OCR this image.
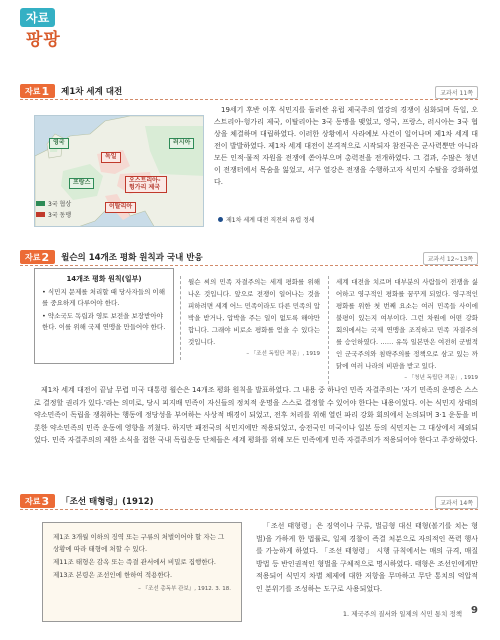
자료
팡팡
자료 1 제1차 세계 대전	교과서 11쪽
영국
프랑스
독일
러시아
오스트리아-헝가리 제국
이탈리아
3국 협상
3국 동맹
제1차 세계 대전 직전의 유럽 정세

19세기 후반 이후 식민지를 둘러싼 유럽 제국주의 열강의 경쟁이 심화되며 독일, 오스트리아-헝가리 제국, 이탈리아는 3국 동맹을 맺었고, 영국, 프랑스, 러시아는 3국 협상을 체결하며 대립하였다. 이러한 상황에서 사라예보 사건이 일어나며 제1차 세계 대전이 발발하였다. 제1차 세계 대전이 본격적으로 시작되자 참전국은 군사력뿐만 아니라 모든 인적·물적 자원을 전쟁에 쏟아부으며 총력전을 전개하였다. 그 결과, 수많은 청년이 전쟁터에서 목숨을 잃었고, 서구 열강은 전쟁을 수행하고자 식민지 수탈을 강화하였다.

자료 2 윌슨의 14개조 평화 원칙과 국내 반응	교과서 12~13쪽
14개조 평화 원칙(일부)
• 식민지 문제를 처리할 때 당사자들의 이해를 중요하게 다루어야 한다.
• 약소국도 독립과 영토 보전을 보장받아야 한다. 이를 위해 국제 연맹을 만들어야 한다.
윌슨 씨의 민족 자결주의는 세계 평화를 위해 나온 것입니다. 앞으로 전쟁이 일어나는 것을 피하려면 세계 어느 민족이라도 다른 민족의 압박을 받거나, 압박을 주는 일이 없도록 해야만 합니다. 그래야 비로소 평화를 얻을 수 있다는 것입니다.
– 「조선 독립단 격문」, 1919
세계 대전을 치르며 대부분의 사람들이 전쟁을 싫어하고 영구적인 평화를 꿈꾸게 되었다. 영구적인 평화를 위한 첫 번째 요소는 여러 민족들 사이에 불평이 있는지 여부이다. 그런 차원에 어떤 강화 회의에서는 국제 연맹을 조직하고 민족 자결주의를 승인하였다. …… 유독 일본만은 여전히 군벌적인 군국주의와 침략주의를 정책으로 삼고 있는 까닭에 여러 나라의 비판을 받고 있다.
– 「청년 독립단 격문」, 1919

제1차 세계 대전이 끝날 무렵 미국 대통령 윌슨은 14개조 평화 원칙을 발표하였다. 그 내용 중 하나인 민족 자결주의는 '자기 민족의 운명은 스스로 결정할 권리가 있다.'라는 의미로, 당시 피지배 민족이 자신들의 정치적 운명을 스스로 결정할 수 있어야 한다는 내용이었다. 이는 식민지 상태의 약소민족이 독립을 쟁취하는 행동에 정당성을 부여하는 사상적 배경이 되었고, 전후 처리를 위해 열린 파리 강화 회의에서 논의되며 3·1 운동을 비롯한 약소민족의 민족 운동에 영향을 끼쳤다. 하지만 패전국의 식민지에만 적용되었고, 승전국인 미국이나 일본 등의 식민지는 그 대상에서 제외되었다. 민족 자결주의의 제한 소식을 접한 국내 독립운동 단체들은 세계 평화를 위해 모든 민족에게 민족 자결주의가 적용되어야 한다고 주장하였다.

자료 3 「조선 태형령」(1912)	교과서 14쪽

제1조 3개월 이하의 징역 또는 구류의 처벌이어야 할 자는 그 상황에 따라 태형에 처할 수 있다.

제11조 태형은 감옥 또는 즉결 관서에서 비밀로 집행한다.

제13조 본령은 조선인에 한하여 적용한다.

– 『조선 총독부 관보』, 1912. 3. 18.

「조선 태형령」은 징역이나 구류, 벌금형 대신 태형(볼기를 치는 형벌)을 가하게 한 법률로, 일제 경찰이 즉결 처분으로 자의적인 폭력 행사를 가능하게 하였다. 「조선 태형령」 시행 규칙에서는 매의 규격, 매질 방법 등 반인권적인 형벌을 구체적으로 명시하였다. 태형은 조선인에게만 적용되어 식민지 차별 체제에 대한 저항을 무마하고 무단 통치의 억압적인 분위기를 조성하는 도구로 사용되었다.

1. 제국주의 질서와 일제의 식민 통치 정책 9
